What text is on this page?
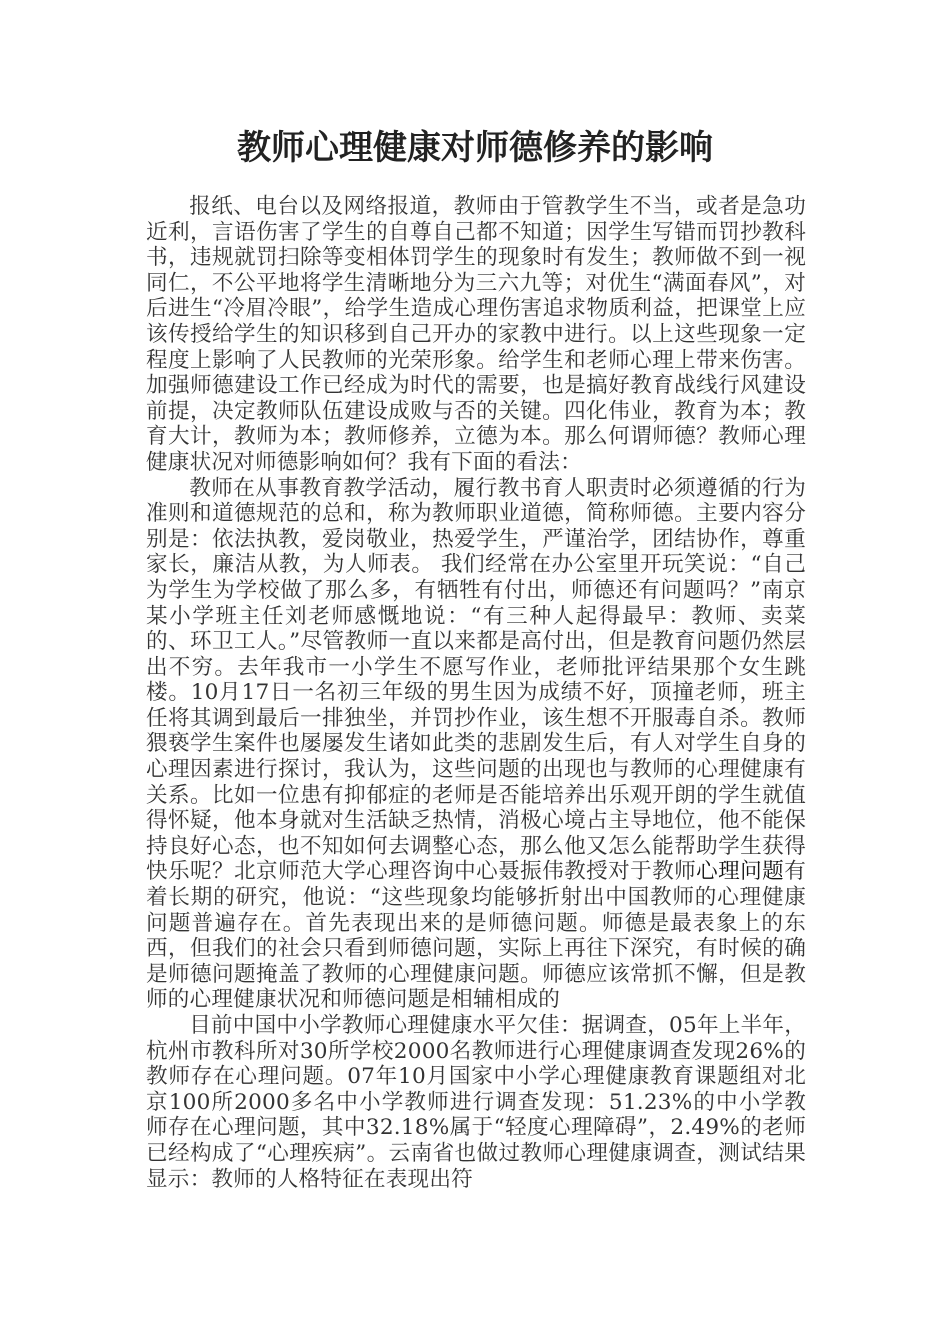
教师心理健康对师德修养的影响

报纸、电台以及网络报道，教师由于管教学生不当，或者是急功近利，言语伤害了学生的自尊自己都不知道；因学生写错而罚抄教科书，违规就罚扫除等变相体罚学生的现象时有发生；教师做不到一视同仁，不公平地将学生清晰地分为三六九等；对优生“满面春风”，对后进生“冷眉冷眼”，给学生造成心理伤害追求物质利益，把课堂上应该传授给学生的知识移到自己开办的家教中进行。以上这些现象一定程度上影响了人民教师的光荣形象。给学生和老师心理上带来伤害。加强师德建设工作已经成为时代的需要，也是搞好教育战线行风建设前提，决定教师队伍建设成败与否的关键。四化伟业，教育为本；教育大计，教师为本；教师修养，立德为本。那么何谓师德？教师心理健康状况对师德影响如何？我有下面的看法：

教师在从事教育教学活动，履行教书育人职责时必须遵循的行为准则和道德规范的总和，称为教师职业道德，简称师德。主要内容分别是：依法执教，爱岗敬业，热爱学生，严谨治学，团结协作，尊重家长，廉洁从教，为人师表。 我们经常在办公室里开玩笑说：“自己为学生为学校做了那么多，有牺牲有付出，师德还有问题吗？”南京某小学班主任刘老师感慨地说：“有三种人起得最早：教师、卖菜的、环卫工人。”尽管教师一直以来都是高付出，但是教育问题仍然层出不穷。去年我市一小学生不愿写作业，老师批评结果那个女生跳楼。10月17日一名初三年级的男生因为成绩不好，顶撞老师，班主任将其调到最后一排独坐，并罚抄作业，该生想不开服毒自杀。教师猥亵学生案件也屡屡发生诸如此类的悲剧发生后，有人对学生自身的心理因素进行探讨，我认为，这些问题的出现也与教师的心理健康有关系。比如一位患有抑郁症的老师是否能培养出乐观开朗的学生就值得怀疑，他本身就对生活缺乏热情，消极心境占主导地位，他不能保持良好心态，也不知如何去调整心态，那么他又怎么能帮助学生获得快乐呢？北京师范大学心理咨询中心聂振伟教授对于教师心理问题有着长期的研究，他说：“这些现象均能够折射出中国教师的心理健康问题普遍存在。首先表现出来的是师德问题。师德是最表象上的东西，但我们的社会只看到师德问题，实际上再往下深究，有时候的确是师德问题掩盖了教师的心理健康问题。师德应该常抓不懈，但是教师的心理健康状况和师德问题是相辅相成的

目前中国中小学教师心理健康水平欠佳：据调查，05年上半年，杭州市教科所对30所学校2000名教师进行心理健康调查发现26%的教师存在心理问题。07年10月国家中小学心理健康教育课题组对北京100所2000多名中小学教师进行调查发现：51.23%的中小学教师存在心理问题，其中32.18%属于“轻度心理障碍”，2.49%的老师已经构成了“心理疾病”。云南省也做过教师心理健康调查，测试结果显示：教师的人格特征在表现出符
